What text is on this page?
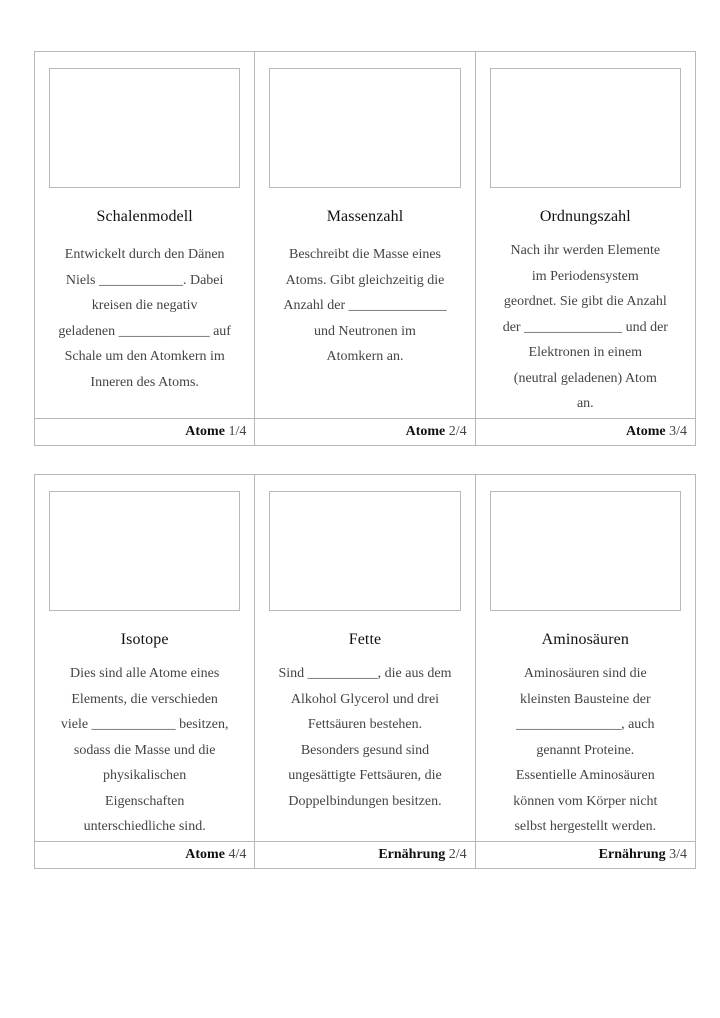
Schalenmodell
Entwickelt durch den Dänen
Niels ____________. Dabei
kreisen die negativ
geladenen _____________ auf
Schale um den Atomkern im
Inneren des Atoms.
Atome 1/4
Massenzahl
Beschreibt die Masse eines
Atoms. Gibt gleichzeitig die
Anzahl der ______________
und Neutronen im
Atomkern an.
Atome 2/4
Ordnungszahl
Nach ihr werden Elemente
im Periodensystem
geordnet. Sie gibt die Anzahl
der ______________ und der
Elektronen in einem
(neutral geladenen) Atom
an.
Atome 3/4
Isotope
Dies sind alle Atome eines
Elements, die verschieden
viele ____________ besitzen,
sodass die Masse und die
physikalischen
Eigenschaften
unterschiedliche sind.
Atome 4/4
Fette
Sind __________, die aus dem
Alkohol Glycerol und drei
Fettsäuren bestehen.
Besonders gesund sind
ungesättigte Fettsäuren, die
Doppelbindungen besitzen.
Ernährung 2/4
Aminosäuren
Aminosäuren sind die
kleinsten Bausteine der
_______________, auch
genannt Proteine.
Essentielle Aminosäuren
können vom Körper nicht
selbst hergestellt werden.
Ernährung 3/4
